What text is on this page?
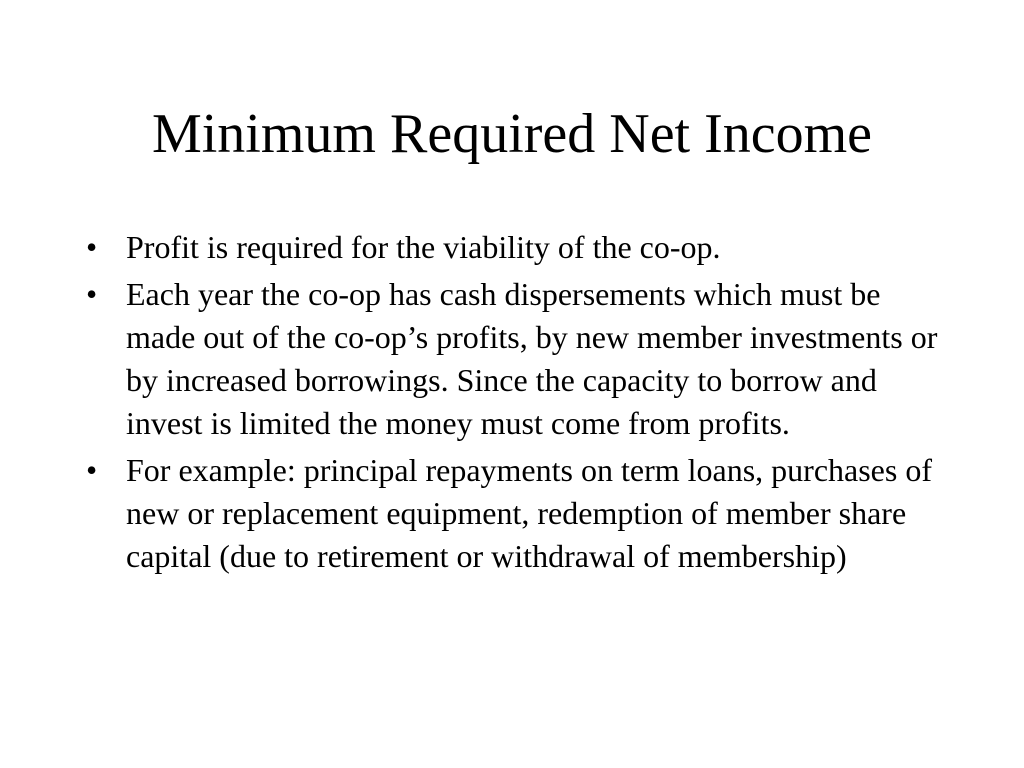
Minimum Required Net Income
• Profit is required for the viability of the co-op.
• Each year the co-op has cash dispersements which must be made out of the co-op’s profits, by new member investments or by increased borrowings. Since the capacity to borrow and invest is limited the money must come from profits.
• For example: principal repayments on term loans, purchases of new or replacement equipment, redemption of member share capital (due to retirement or withdrawal of membership)
